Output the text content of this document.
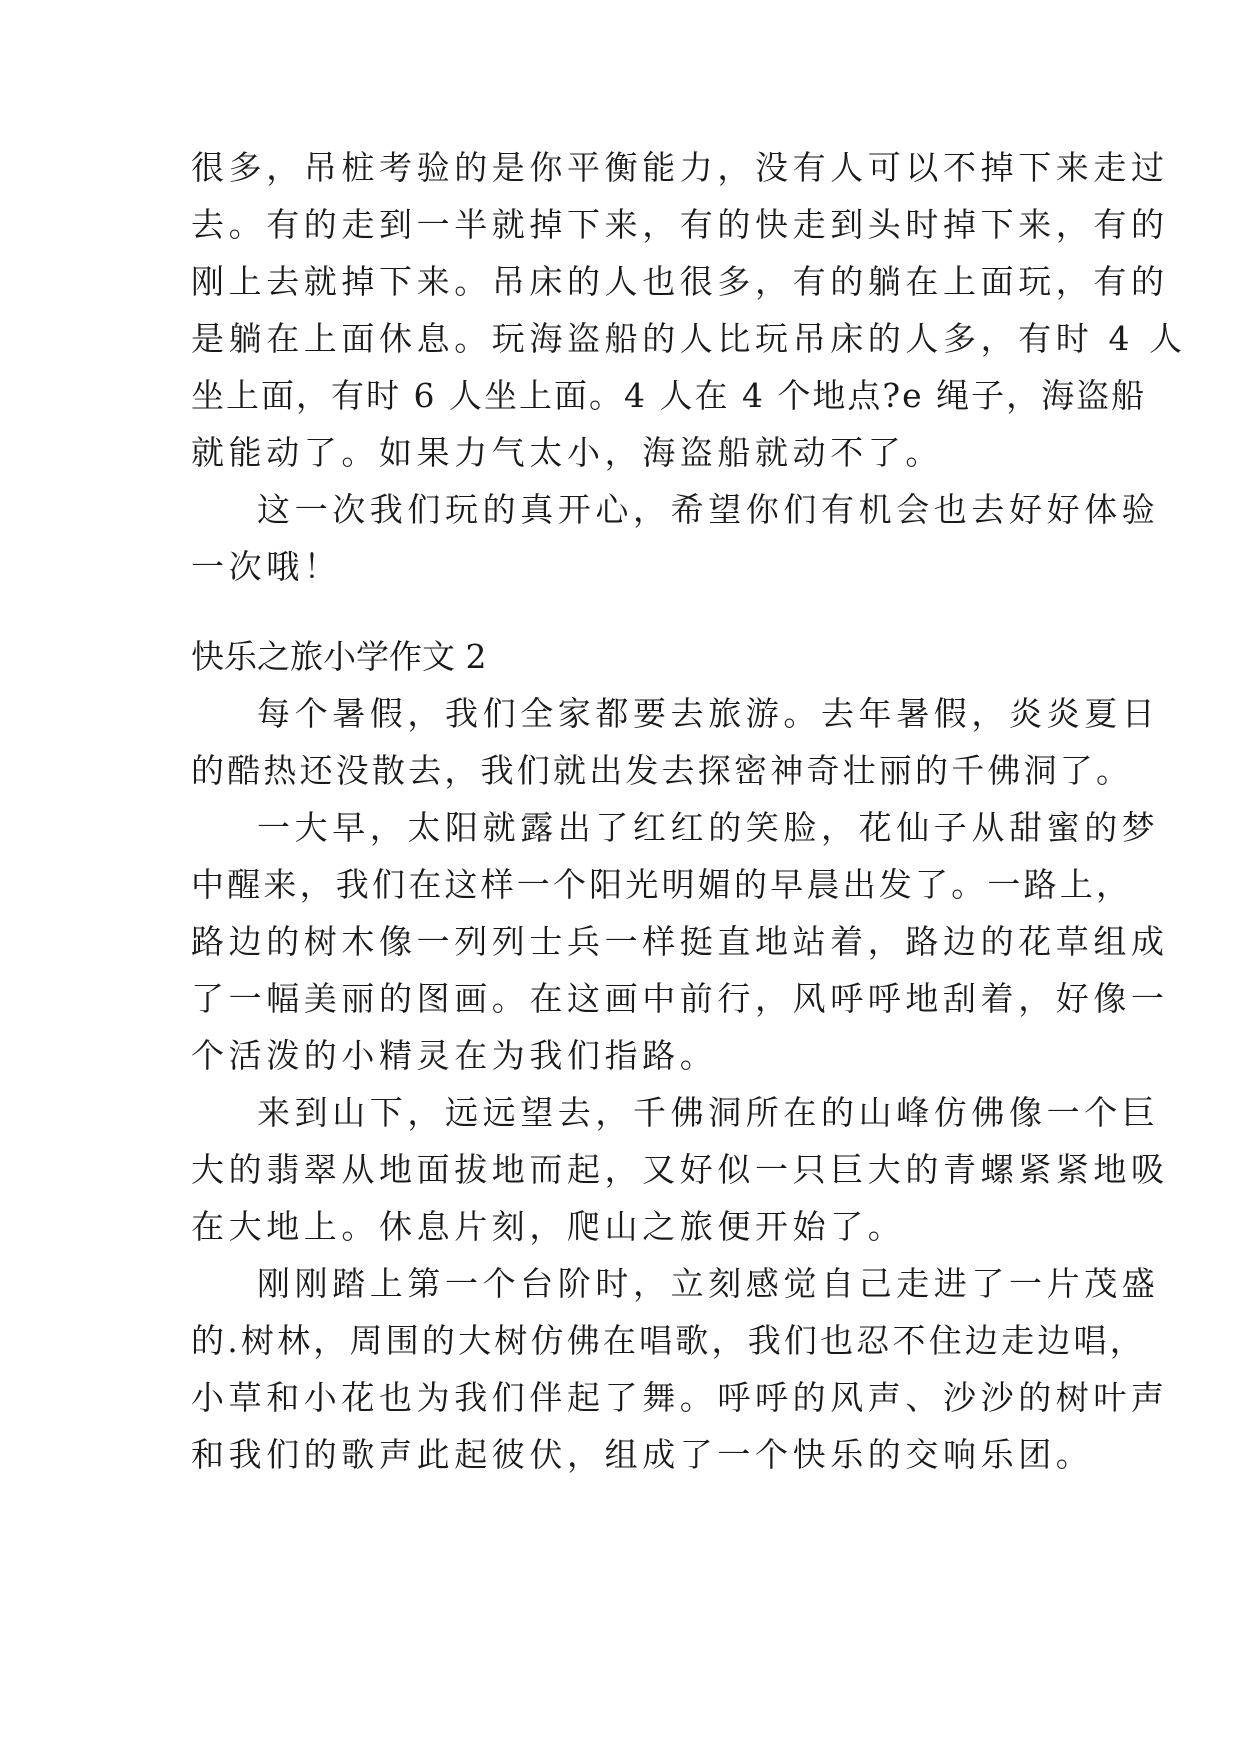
很多，吊桩考验的是你平衡能力，没有人可以不掉下来走过
去。有的走到一半就掉下来，有的快走到头时掉下来，有的
刚上去就掉下来。吊床的人也很多，有的躺在上面玩，有的
是躺在上面休息。玩海盗船的人比玩吊床的人多，有时 4 人
坐上面，有时 6 人坐上面。4 人在 4 个地点?e 绳子，海盗船
就能动了。如果力气太小，海盗船就动不了。
这一次我们玩的真开心，希望你们有机会也去好好体验
一次哦！
快乐之旅小学作文 2
每个暑假，我们全家都要去旅游。去年暑假，炎炎夏日
的酷热还没散去，我们就出发去探密神奇壮丽的千佛洞了。
一大早，太阳就露出了红红的笑脸，花仙子从甜蜜的梦
中醒来，我们在这样一个阳光明媚的早晨出发了。一路上，
路边的树木像一列列士兵一样挺直地站着，路边的花草组成
了一幅美丽的图画。在这画中前行，风呼呼地刮着，好像一
个活泼的小精灵在为我们指路。
来到山下，远远望去，千佛洞所在的山峰仿佛像一个巨
大的翡翠从地面拔地而起，又好似一只巨大的青螺紧紧地吸
在大地上。休息片刻，爬山之旅便开始了。
刚刚踏上第一个台阶时，立刻感觉自己走进了一片茂盛
的.树林，周围的大树仿佛在唱歌，我们也忍不住边走边唱，
小草和小花也为我们伴起了舞。呼呼的风声、沙沙的树叶声
和我们的歌声此起彼伏，组成了一个快乐的交响乐团。
